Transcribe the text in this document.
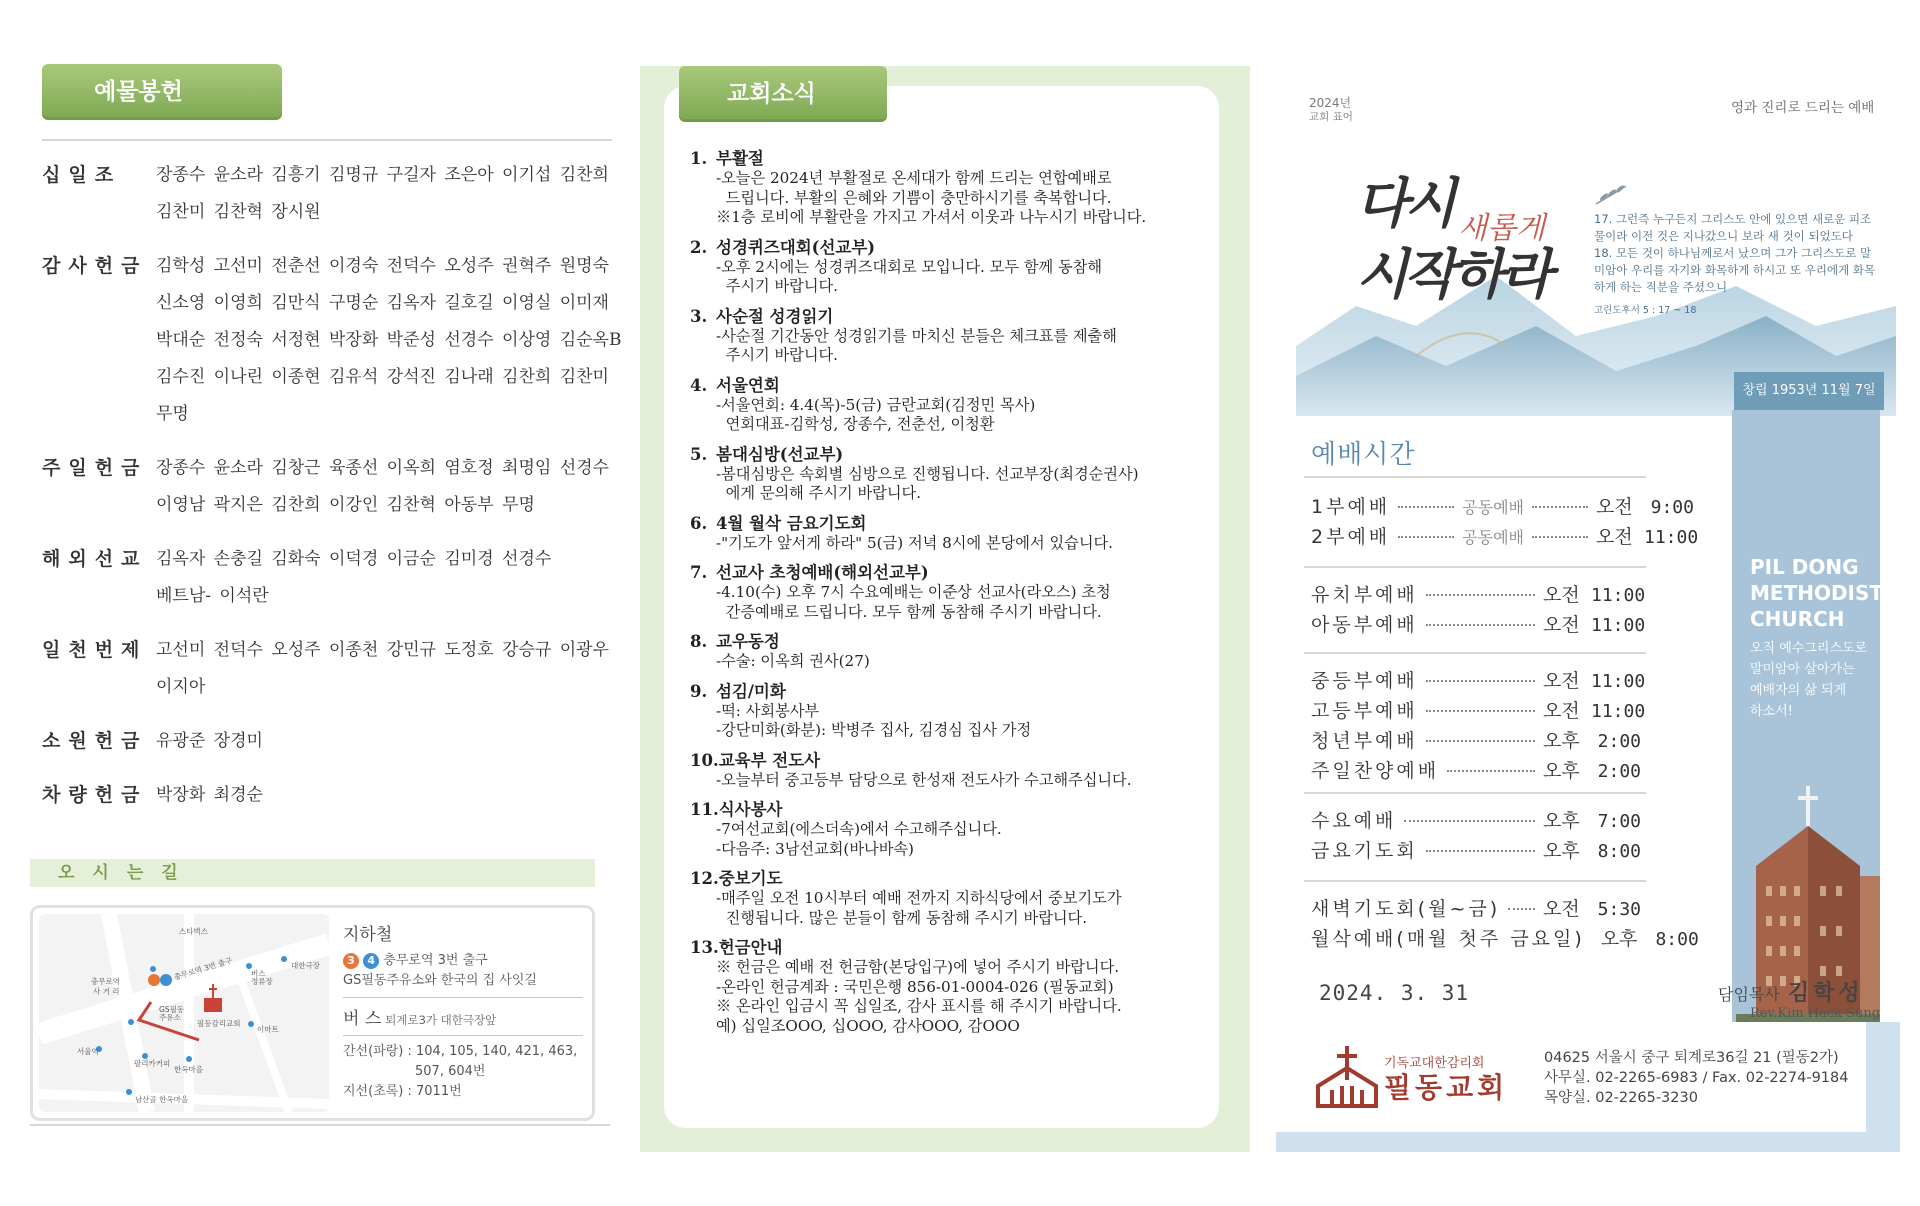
예물봉헌
십일조	장종수 윤소라 김흥기 김명규 구길자 조은아 이기섭 김찬희
김찬미 김찬혁 장시원
감사헌금 김학성 고선미 전춘선 이경숙 전덕수 오성주 권혁주 원명숙
신소영 이영희 김만식 구명순 김옥자 길호길 이영실 이미재
박대순 전정숙 서정현 박장화 박준성 선경수 이상영 김순옥B
김수진 이나린 이종현 김유석 강석진 김나래 김찬희 김찬미
무명
주일헌금 장종수 윤소라 김창근 육종선 이옥희 염호정 최명임 선경수
이영남 곽지은 김찬희 이강인 김찬혁 아동부 무명
해외선교 김옥자 손충길 김화숙 이덕경 이금순 김미경 선경수
베트남- 이석란
일천번제 고선미 전덕수 오성주 이종천 강민규 도정호 강승규 이광우
이지아
소원헌금 유광준 장경미
차량헌금 박장화 최경순
오시는길
스타벅스
충무로역
사 거 리
충무로역 3번 출구
GS필동
주유소
필동감리교회
버스
정류장
대한극장
이마트
팔리카커피
한옥마을
서울역
남산골 한옥마을
지하철
3 4 충무로역 3번 출구
GS필동주유소와 한국의 집 사잇길
버 스 퇴계로3가 대한극장앞
간선(파랑) : 104, 105, 140, 421, 463,
507, 604번
지선(초록) : 7011번
교회소식
1. 부활절
-오늘은 2024년 부활절로 온세대가 함께 드리는 연합예배로
드립니다. 부활의 은혜와 기쁨이 충만하시기를 축복합니다.
※1층 로비에 부활란을 가지고 가셔서 이웃과 나누시기 바랍니다.
2. 성경퀴즈대회(선교부)
-오후 2시에는 성경퀴즈대회로 모입니다. 모두 함께 동참해
주시기 바랍니다.
3. 사순절 성경읽기
-사순절 기간동안 성경읽기를 마치신 분들은 체크표를 제출해
주시기 바랍니다.
4. 서울연회
-서울연회: 4.4(목)-5(금) 금란교회(김정민 목사)
연회대표-김학성, 장종수, 전춘선, 이청환
5. 봄대심방(선교부)
-봄대심방은 속회별 심방으로 진행됩니다. 선교부장(최경순권사)
에게 문의해 주시기 바랍니다.
6. 4월 월삭 금요기도회
-"기도가 앞서게 하라" 5(금) 저녁 8시에 본당에서 있습니다.
7. 선교사 초청예배(해외선교부)
-4.10(수) 오후 7시 수요예배는 이준상 선교사(라오스) 초청
간증예배로 드립니다. 모두 함께 동참해 주시기 바랍니다.
8. 교우동정
-수술: 이옥희 권사(27)
9. 섬김/미화
-떡: 사회봉사부
-강단미화(화분): 박병주 집사, 김경심 집사 가정
10.교육부 전도사
-오늘부터 중고등부 담당으로 한성재 전도사가 수고해주십니다.
11.식사봉사
-7여선교회(에스더속)에서 수고해주십니다.
-다음주: 3남선교회(바나바속)
12.중보기도
-매주일 오전 10시부터 예배 전까지 지하식당에서 중보기도가
진행됩니다. 많은 분들이 함께 동참해 주시기 바랍니다.
13.헌금안내
※ 헌금은 예배 전 헌금함(본당입구)에 넣어 주시기 바랍니다.
-온라인 헌금계좌 : 국민은행 856-01-0004-026 (필동교회)
※ 온라인 입금시 꼭 십일조, 감사 표시를 해 주시기 바랍니다.
예) 십일조OOO, 십OOO, 감사OOO, 감OOO
2024년
교회 표어
영과 진리로 드리는 예배
다시 새롭게
시작하라
17. 그런즉 누구든지 그리스도 안에 있으면 새로운 피조물이라 이전 것은 지나갔으니 보라 새 것이 되었도다
18. 모든 것이 하나님께로서 났으며 그가 그리스도로 말미암아 우리를 자기와 화목하게 하시고 또 우리에게 화목하게 하는 직분을 주셨으니
고린도후서 5 : 17 ~ 18
창립 1953년 11월 7일
예배시간
1부예배	공동예배	오전 9:00
2부예배	공동예배	오전 11:00
유치부예배	오전 11:00
아동부예배	오전 11:00
중등부예배	오전 11:00
고등부예배	오전 11:00
청년부예배	오후 2:00
주일찬양예배	오후 2:00
수요예배	오후 7:00
금요기도회	오후 8:00
새벽기도회(월~금) 오전 5:30
월삭예배(매월 첫주 금요일) 오후 8:00
PIL DONG
METHODIST
CHURCH
오직 예수그리스도로
말미암아 살아가는
예배자의 삶 되게
하소서!
2024. 3. 31	담임목사 김학성
Rev.Kim Hack Sung
기독교대한감리회
필동교회
04625 서울시 중구 퇴계로36길 21 (필동2가)
사무실. 02-2265-6983 / Fax. 02-2274-9184
목양실. 02-2265-3230
